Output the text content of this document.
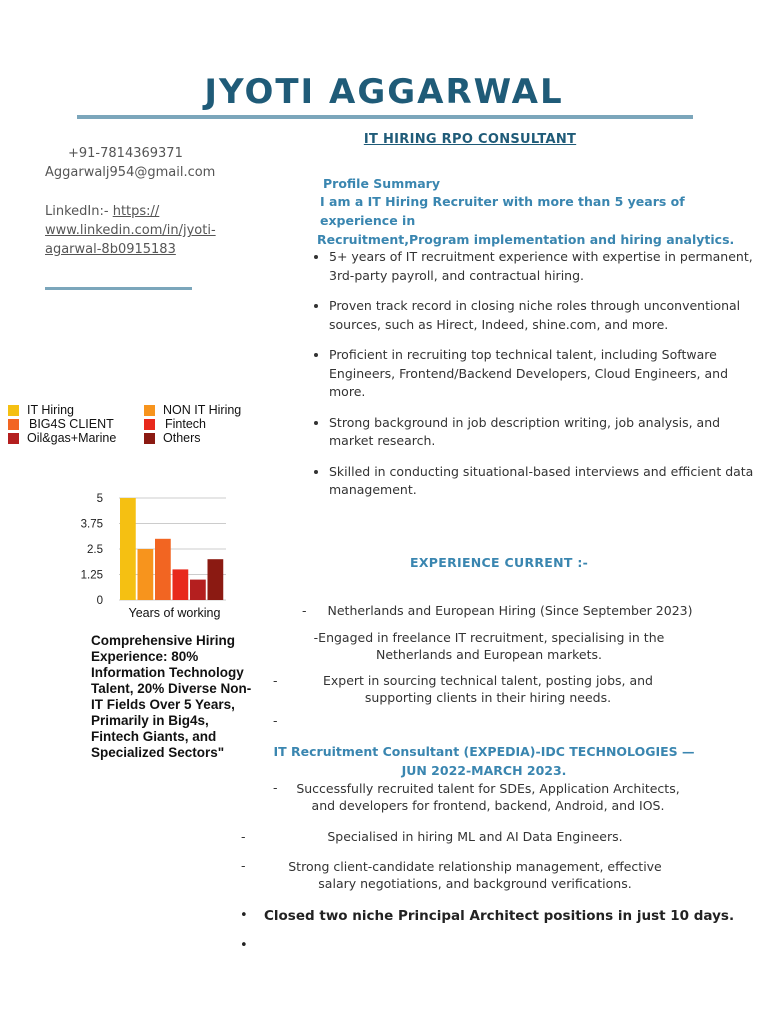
JYOTI AGGARWAL
IT HIRING RPO CONSULTANT
+91-7814369371
Aggarwalj954@gmail.com
LinkedIn:- https://
www.linkedin.com/in/jyoti-
agarwal-8b0915183
Profile Summary
I am a IT Hiring Recruiter with more than 5 years of experience in
Recruitment,Program implementation and hiring analytics.
• 5+ years of IT recruitment experience with expertise in permanent, 3rd-party payroll, and contractual hiring.
• Proven track record in closing niche roles through unconventional sources, such as Hirect, Indeed, shine.com, and more.
• Proficient in recruiting top technical talent, including Software Engineers, Frontend/Backend Developers, Cloud Engineers, and more.
• Strong background in job description writing, job analysis, and market research.
• Skilled in conducting situational-based interviews and efficient data management.
IT Hiring	NON IT Hiring
BIG4S CLIENT	Fintech
Oil&gas+Marine	Others
0
1.25
2.5
3.75
5
Years of working
Comprehensive Hiring Experience: 80% Information Technology Talent, 20% Diverse Non-IT Fields Over 5 Years, Primarily in Big4s, Fintech Giants, and Specialized Sectors"
EXPERIENCE CURRENT :-
-	Netherlands and European Hiring (Since September 2023)
-Engaged in freelance IT recruitment, specialising in the Netherlands and European markets.
-	Expert in sourcing technical talent, posting jobs, and supporting clients in their hiring needs.
-
IT Recruitment Consultant (EXPEDIA)-IDC TECHNOLOGIES — JUN 2022-MARCH 2023.
-	Successfully recruited talent for SDEs, Application Architects, and developers for frontend, backend, Android, and IOS.
-	Specialised in hiring ML and AI Data Engineers.
-	Strong client-candidate relationship management, effective salary negotiations, and background verifications.
• Closed two niche Principal Architect positions in just 10 days.
•
